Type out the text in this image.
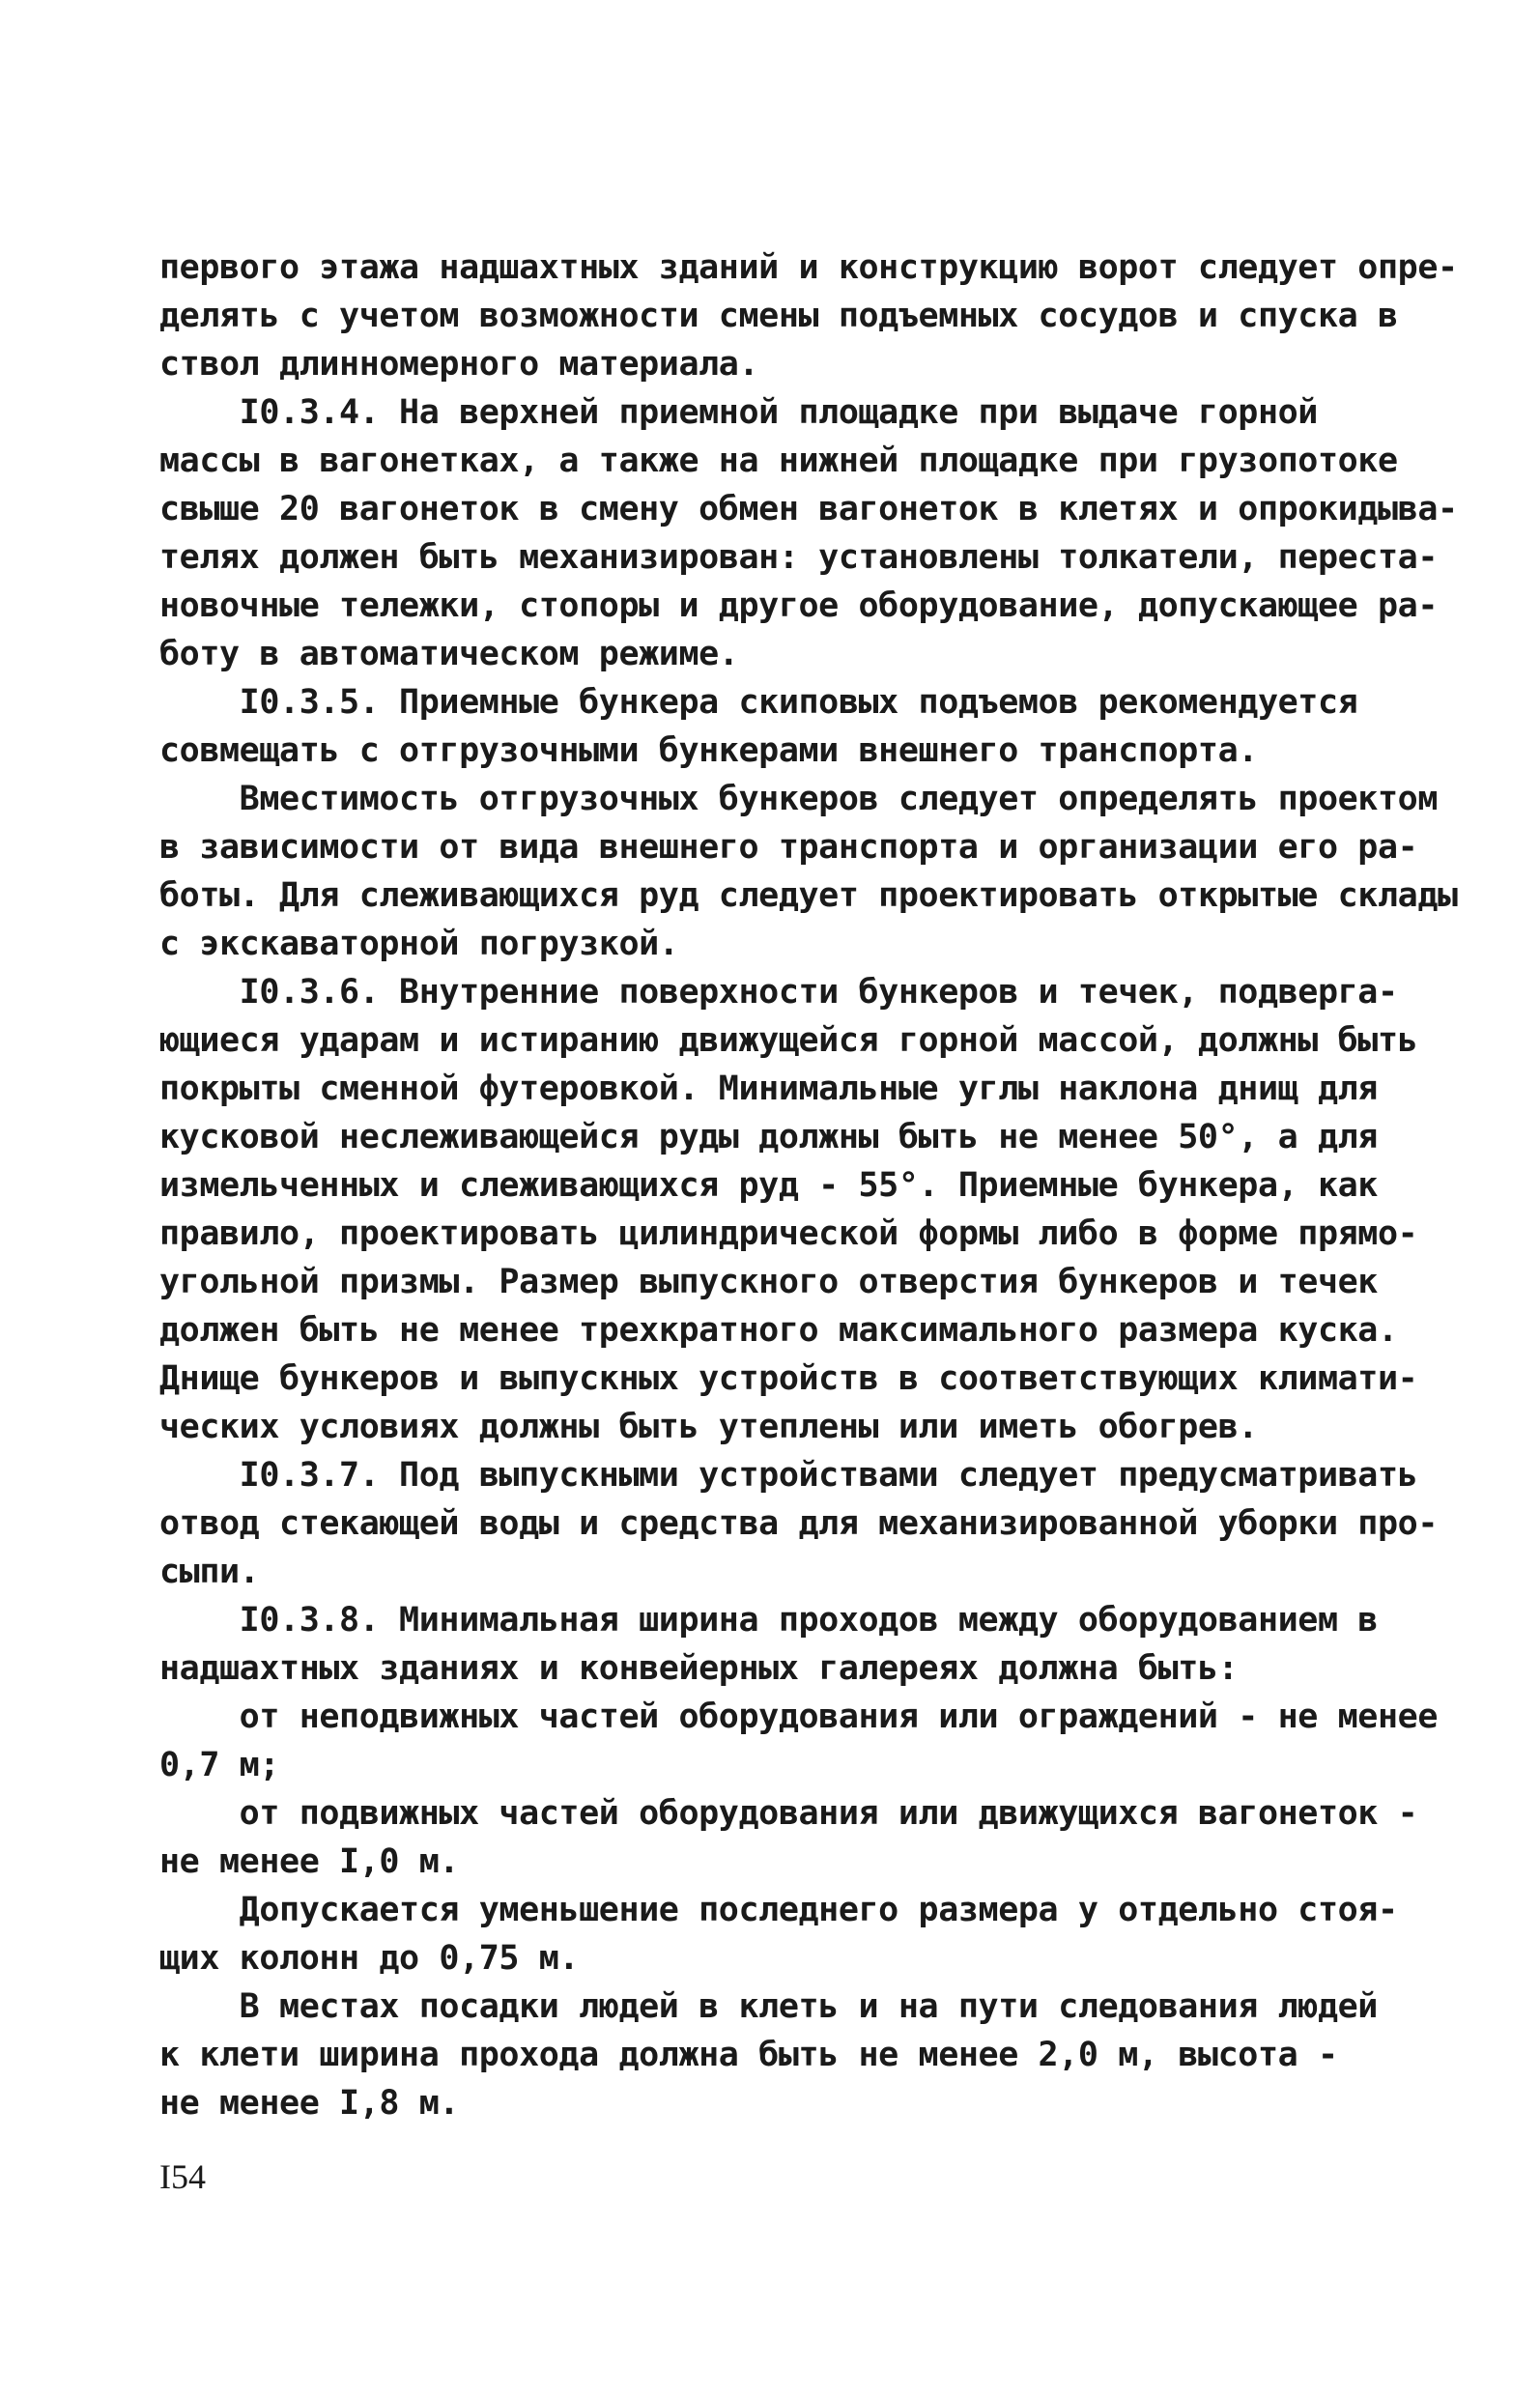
первого этажа надшахтных зданий и конструкцию ворот следует опре-
делять с учетом возможности смены подъемных сосудов и спуска в
ствол длинномерного материала.
I0.3.4. На верхней приемной площадке при выдаче горной
массы в вагонетках, а также на нижней площадке при грузопотоке
свыше 20 вагонеток в смену обмен вагонеток в клетях и опрокидыва-
телях должен быть механизирован: установлены толкатели, переста-
новочные тележки, стопоры и другое оборудование, допускающее ра-
боту в автоматическом режиме.
I0.3.5. Приемные бункера скиповых подъемов рекомендуется
совмещать с отгрузочными бункерами внешнего транспорта.
Вместимость отгрузочных бункеров следует определять проектом
в зависимости от вида внешнего транспорта и организации его ра-
боты. Для слеживающихся руд следует проектировать открытые склады
с экскаваторной погрузкой.
I0.3.6. Внутренние поверхности бункеров и течек, подверга-
ющиеся ударам и истиранию движущейся горной массой, должны быть
покрыты сменной футеровкой. Минимальные углы наклона днищ для
кусковой неслеживающейся руды должны быть не менее 50°, а для
измельченных и слеживающихся руд - 55°. Приемные бункера, как
правило, проектировать цилиндрической формы либо в форме прямо-
угольной призмы. Размер выпускного отверстия бункеров и течек
должен быть не менее трехкратного максимального размера куска.
Днище бункеров и выпускных устройств в соответствующих климати-
ческих условиях должны быть утеплены или иметь обогрев.
I0.3.7. Под выпускными устройствами следует предусматривать
отвод стекающей воды и средства для механизированной уборки про-
сыпи.
I0.3.8. Минимальная ширина проходов между оборудованием в
надшахтных зданиях и конвейерных галереях должна быть:
от неподвижных частей оборудования или ограждений - не менее
0,7 м;
от подвижных частей оборудования или движущихся вагонеток -
не менее I,0 м.
Допускается уменьшение последнего размера у отдельно стоя-
щих колонн до 0,75 м.
В местах посадки людей в клеть и на пути следования людей
к клети ширина прохода должна быть не менее 2,0 м, высота -
не менее I,8 м.
I54
